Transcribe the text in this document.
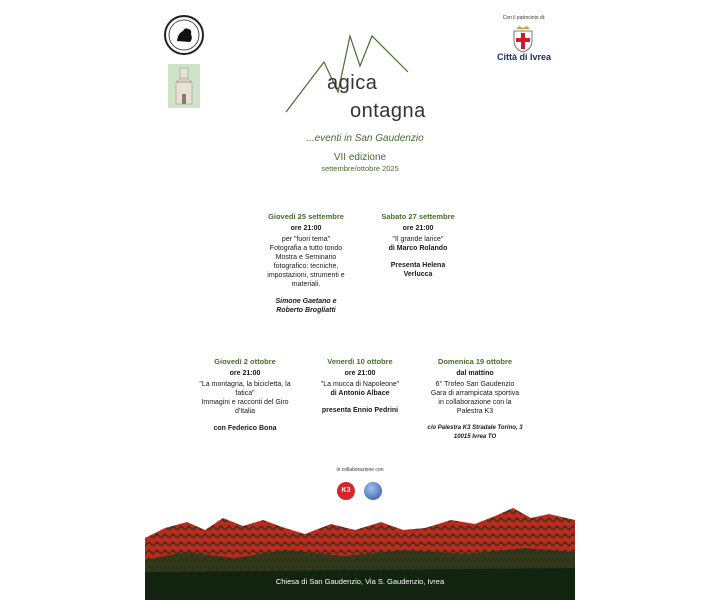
Con il patrocinio di:
Città di Ivrea
agica
ontagna
...eventi in San Gaudenzio
VII edizione
settembre/ottobre 2025
Giovedì 25 settembre
ore 21:00
per "fuori tema"
Fotografia a tutto tondo
Mostra e Seminario
fotografico: tecniche,
impostazioni, strumenti e
materiali.
Simone Gaetano e
Roberto Brogliatti
Sabato 27 settembre
ore 21:00
"Il grande larice"
di Marco Rolando
Presenta Helena
Verlucca
Giovedì 2 ottobre
ore 21:00
"La montagna, la bicicletta, la
fatica"
Immagini e racconti del Giro
d'Italia
con Federico Bona
Venerdì 10 ottobre
ore 21:00
"La mucca di Napoleone"
di Antonio Albace
presenta Ennio Pedrini
Domenica 19 ottobre
dal mattino
6° Trofeo San Gaudenzio
Gara di arrampicata sportiva
in collaborazione con la
Palestra K3
c/o Palestra K3 Stradale Torino, 3
10015 Ivrea TO
in collaborazione con
K3
Chiesa di San Gaudenzio, Via S. Gaudenzio, Ivrea
